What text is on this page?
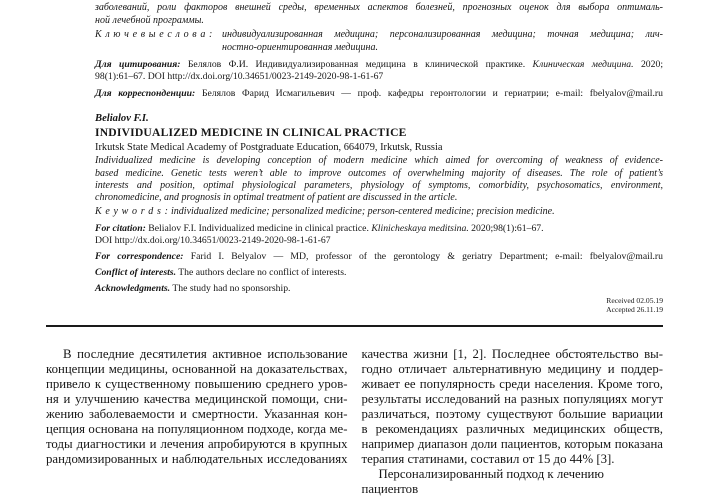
заболеваний, роли факторов внешней среды, временных аспектов болезней, прогнозных оценок для выбора оптималь-
ной лечебной программы.
К л ю ч е в ы е с л о в а : индивидуализированная медицина; персонализированная медицина; точная медицина; лич-
ностно-ориентированная медицина.

Для цитирования: Белялов Ф.И. Индивидуализированная медицина в клинической практике. Клиническая медицина. 2020;
98(1):61–67. DOI http://dx.doi.org/10.34651/0023-2149-2020-98-1-61-67

Для корреспонденции: Белялов Фарид Исмагильевич — проф. кафедры геронтологии и гериатрии; e-mail: fbelyalov@mail.ru

Belialov F.I.

INDIVIDUALIZED MEDICINE IN CLINICAL PRACTICE

Irkutsk State Medical Academy of Postgraduate Education, 664079, Irkutsk, Russia

Individualized medicine is developing conception of modern medicine which aimed for overcoming of weakness of evidence-
based medicine. Genetic tests weren’t able to improve outcomes of overwhelming majority of diseases. The role of patient’s
interests and position, optimal physiological parameters, physiology of symptoms, comorbidity, psychosomatics, environment,
chronomedicine, and prognosis in optimal treatment of patient are discussed in the article.

K e y w o r d s : individualized medicine; personalized medicine; person-centered medicine; precision medicine.

For citation: Belialov F.I. Individualized medicine in clinical practice. Klinicheskaya meditsina. 2020;98(1):61–67.
DOI http://dx.doi.org/10.34651/0023-2149-2020-98-1-61-67

For correspondence: Farid I. Belyalov — MD, professor of the gerontology & geriatry Department; e-mail: fbelyalov@mail.ru

Conflict of interests. The authors declare no conflict of interests.

Acknowledgments. The study had no sponsorship.

Received 02.05.19
Accepted 26.11.19
В последние десятилетия активное использование
концепции медицины, основанной на доказательствах,
привело к существенному повышению среднего уров-
ня и улучшению качества медицинской помощи, сни-
жению заболеваемости и смертности. Указанная кон-
цепция основана на популяционном подходе, когда ме-
тоды диагностики и лечения апробируются в крупных
рандомизированных и наблюдательных исследованиях
качества жизни [1, 2]. Последнее обстоятельство вы-
годно отличает альтернативную медицину и поддер-
живает ее популярность среди населения. Кроме того,
результаты исследований на разных популяциях могут
различаться, поэтому существуют большие вариации
в рекомендациях различных медицинских обществ,
например диапазон доли пациентов, которым показана
терапия статинами, составил от 15 до 44% [3].
Персонализированный подход к лечению пациентов
